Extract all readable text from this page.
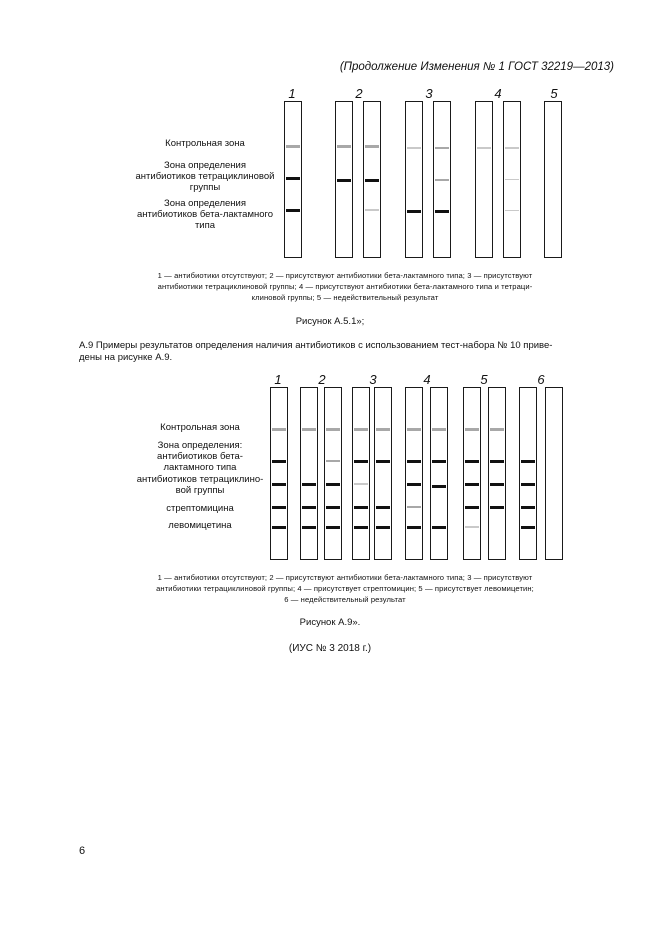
(Продолжение Изменения № 1 ГОСТ 32219—2013)
1	2	3	4	5
Контрольная зона
Зона определения
антибиотиков тетрациклиновой
группы
Зона определения
антибиотиков бета-лактамного
типа
1 — антибиотики отсутствуют; 2 — присутствуют антибиотики бета-лактамного типа; 3 — присутствуют
антибиотики тетрациклиновой группы; 4 — присутствуют антибиотики бета-лактамного типа и тетраци-
клиновой группы; 5 — недействительный результат
Рисунок А.5.1»;
А.9 Примеры результатов определения наличия антибиотиков с использованием тест-набора № 10 приве-
дены на рисунке А.9.
1	2	3	4	5	6
Контрольная зона
Зона определения:
антибиотиков бета-
лактамного типа
антибиотиков тетрациклино-
вой группы
стрептомицина
левомицетина
1 — антибиотики отсутствуют; 2 — присутствуют антибиотики бета-лактамного типа; 3 — присутствуют
антибиотики тетрациклиновой группы; 4 — присутствует стрептомицин; 5 — присутствует левомицетин;
6 — недействительный результат
Рисунок А.9».
(ИУС № 3 2018 г.)
6
